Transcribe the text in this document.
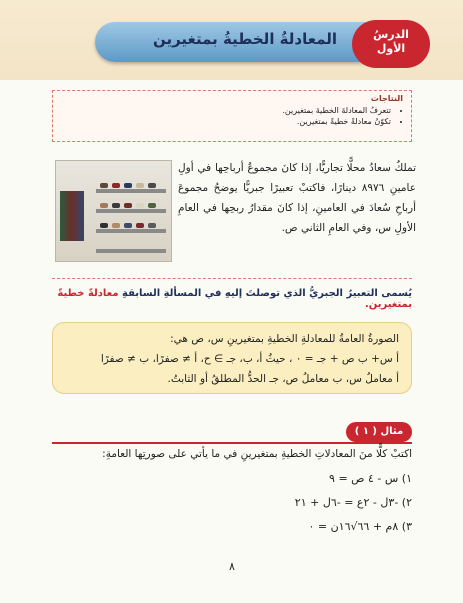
المعادلةُ الخطيةُ بمتغيرين	الدرسُ
الأول
النتاجات
• تتعرفُ المعادلةَ الخطيةَ بمتغيرين.
• تكوّنُ معادلةً خطيةً بمتغيرين.
تملكُ سعادُ محلًّا تجاريًّا، إذا كانَ مجموعُ أرباحِها في أولِ عامينِ ٨٩٧٦ دينارًا، فاكتبْ تعبيرًا جبريًّا يوضحُ مجموعَ أرباحِ سُعادَ في العامينِ، إذا كانَ مقدارُ ربحِها في العامِ الأولِ س، وفي العامِ الثاني ص.
يُسمى التعبيرُ الجبريُّ الذي توصلتَ إليهِ في المسألةِ السابقةِ معادلةً خطيةً بمتغيرين.
الصورةُ العامةُ للمعادلةِ الخطيةِ بمتغيرينِ س، ص هي:
أ س+ ب ص + جـ = ٠ ، حيثُ أ، ب، جـ ∋ ح، أ ≠ صفرًا، ب ≠ صفرًا
أ معاملُ س، ب معاملُ ص، جـ الحدُّ المطلقُ أو الثابتُ.
مثال ( ١ )
اكتبْ كلًّا منَ المعادلاتِ الخطيةِ بمتغيرينِ في ما يأتي على صورتِها العامةِ:
١) س - ٤ ص = ٩
٢) -٣ل - ٢ع = -٦ل + ٢١
٣) ٨م + ٦٦√١٦ن = ٠
٨
